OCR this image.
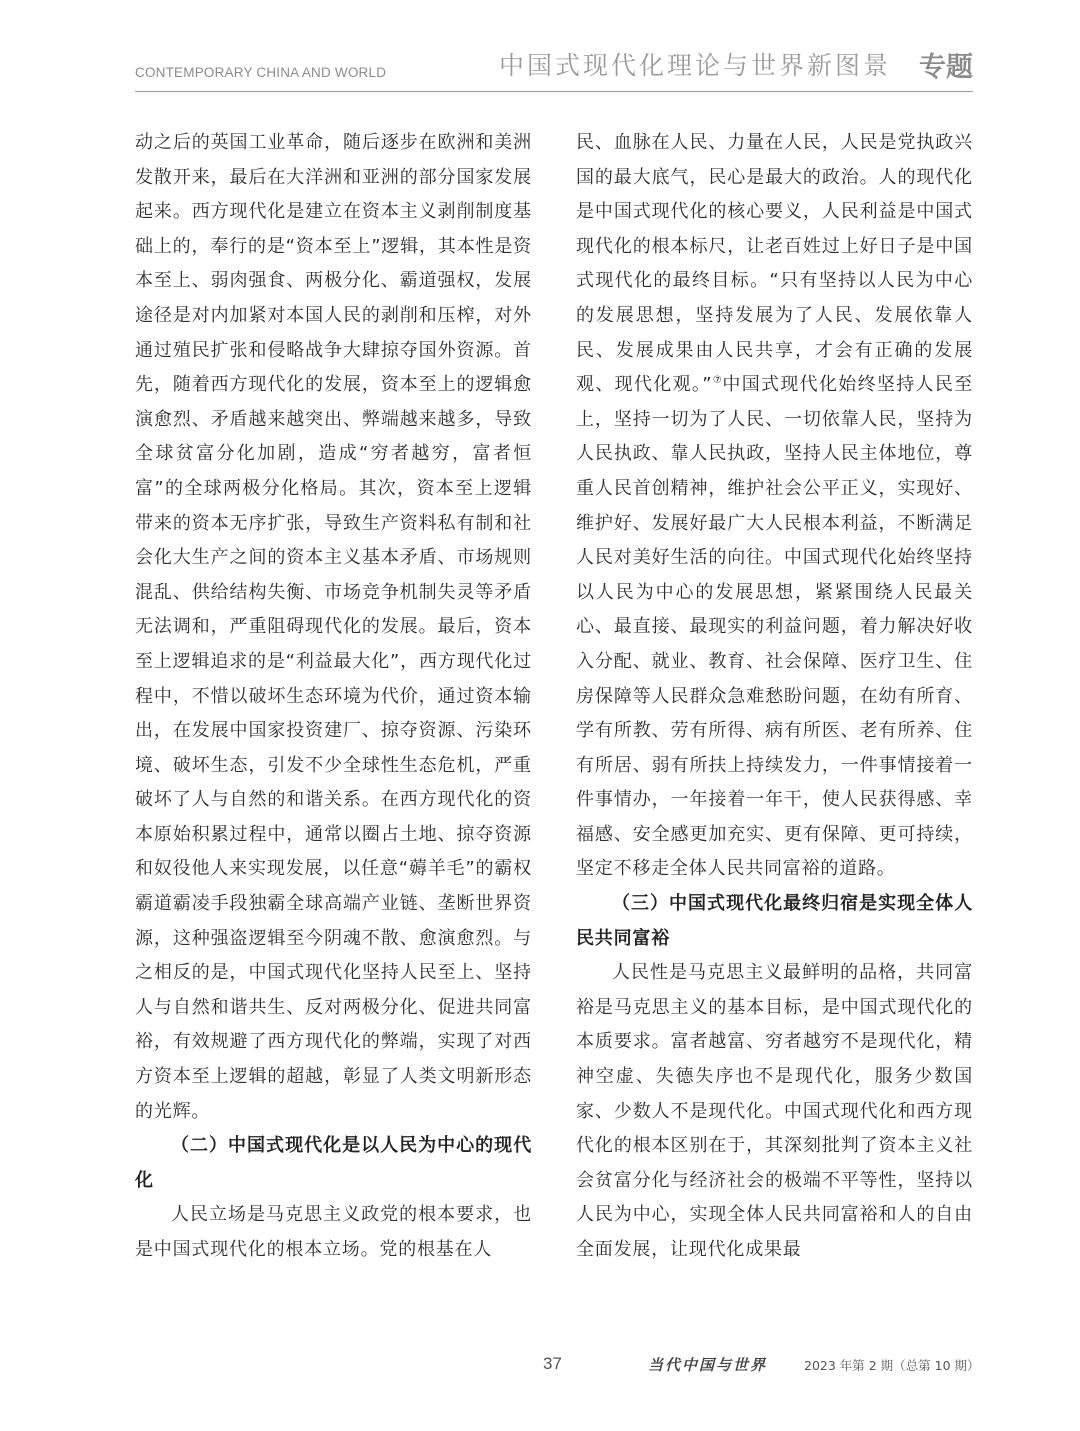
CONTEMPORARY CHINA AND WORLD	中国式现代化理论与世界新图景 专题

动之后的英国工业革命，随后逐步在欧洲和美洲发散开来，最后在大洋洲和亚洲的部分国家发展起来。西方现代化是建立在资本主义剥削制度基础上的，奉行的是“资本至上”逻辑，其本性是资本至上、弱肉强食、两极分化、霸道强权，发展途径是对内加紧对本国人民的剥削和压榨，对外通过殖民扩张和侵略战争大肆掠夺国外资源。首先，随着西方现代化的发展，资本至上的逻辑愈演愈烈、矛盾越来越突出、弊端越来越多，导致全球贫富分化加剧，造成“穷者越穷，富者恒富”的全球两极分化格局。其次，资本至上逻辑带来的资本无序扩张，导致生产资料私有制和社会化大生产之间的资本主义基本矛盾、市场规则混乱、供给结构失衡、市场竞争机制失灵等矛盾无法调和，严重阻碍现代化的发展。最后，资本至上逻辑追求的是“利益最大化”，西方现代化过程中，不惜以破坏生态环境为代价，通过资本输出，在发展中国家投资建厂、掠夺资源、污染环境、破坏生态，引发不少全球性生态危机，严重破坏了人与自然的和谐关系。在西方现代化的资本原始积累过程中，通常以圈占土地、掠夺资源和奴役他人来实现发展，以任意“薅羊毛”的霸权霸道霸凌手段独霸全球高端产业链、垄断世界资源，这种强盗逻辑至今阴魂不散、愈演愈烈。与之相反的是，中国式现代化坚持人民至上、坚持人与自然和谐共生、反对两极分化、促进共同富裕，有效规避了西方现代化的弊端，实现了对西方资本至上逻辑的超越，彰显了人类文明新形态的光辉。

（二）中国式现代化是以人民为中心的现代化

人民立场是马克思主义政党的根本要求，也是中国式现代化的根本立场。党的根基在人

民、血脉在人民、力量在人民，人民是党执政兴国的最大底气，民心是最大的政治。人的现代化是中国式现代化的核心要义，人民利益是中国式现代化的根本标尺，让老百姓过上好日子是中国式现代化的最终目标。“只有坚持以人民为中心的发展思想，坚持发展为了人民、发展依靠人民、发展成果由人民共享，才会有正确的发展观、现代化观。”⑦中国式现代化始终坚持人民至上，坚持一切为了人民、一切依靠人民，坚持为人民执政、靠人民执政，坚持人民主体地位，尊重人民首创精神，维护社会公平正义，实现好、维护好、发展好最广大人民根本利益，不断满足人民对美好生活的向往。中国式现代化始终坚持以人民为中心的发展思想，紧紧围绕人民最关心、最直接、最现实的利益问题，着力解决好收入分配、就业、教育、社会保障、医疗卫生、住房保障等人民群众急难愁盼问题，在幼有所育、学有所教、劳有所得、病有所医、老有所养、住有所居、弱有所扶上持续发力，一件事情接着一件事情办，一年接着一年干，使人民获得感、幸福感、安全感更加充实、更有保障、更可持续，坚定不移走全体人民共同富裕的道路。

（三）中国式现代化最终归宿是实现全体人民共同富裕

人民性是马克思主义最鲜明的品格，共同富裕是马克思主义的基本目标，是中国式现代化的本质要求。富者越富、穷者越穷不是现代化，精神空虚、失德失序也不是现代化，服务少数国家、少数人不是现代化。中国式现代化和西方现代化的根本区别在于，其深刻批判了资本主义社会贫富分化与经济社会的极端不平等性，坚持以人民为中心，实现全体人民共同富裕和人的自由全面发展，让现代化成果最

37	当代中国与世界	2023 年第 2 期（总第 10 期）
